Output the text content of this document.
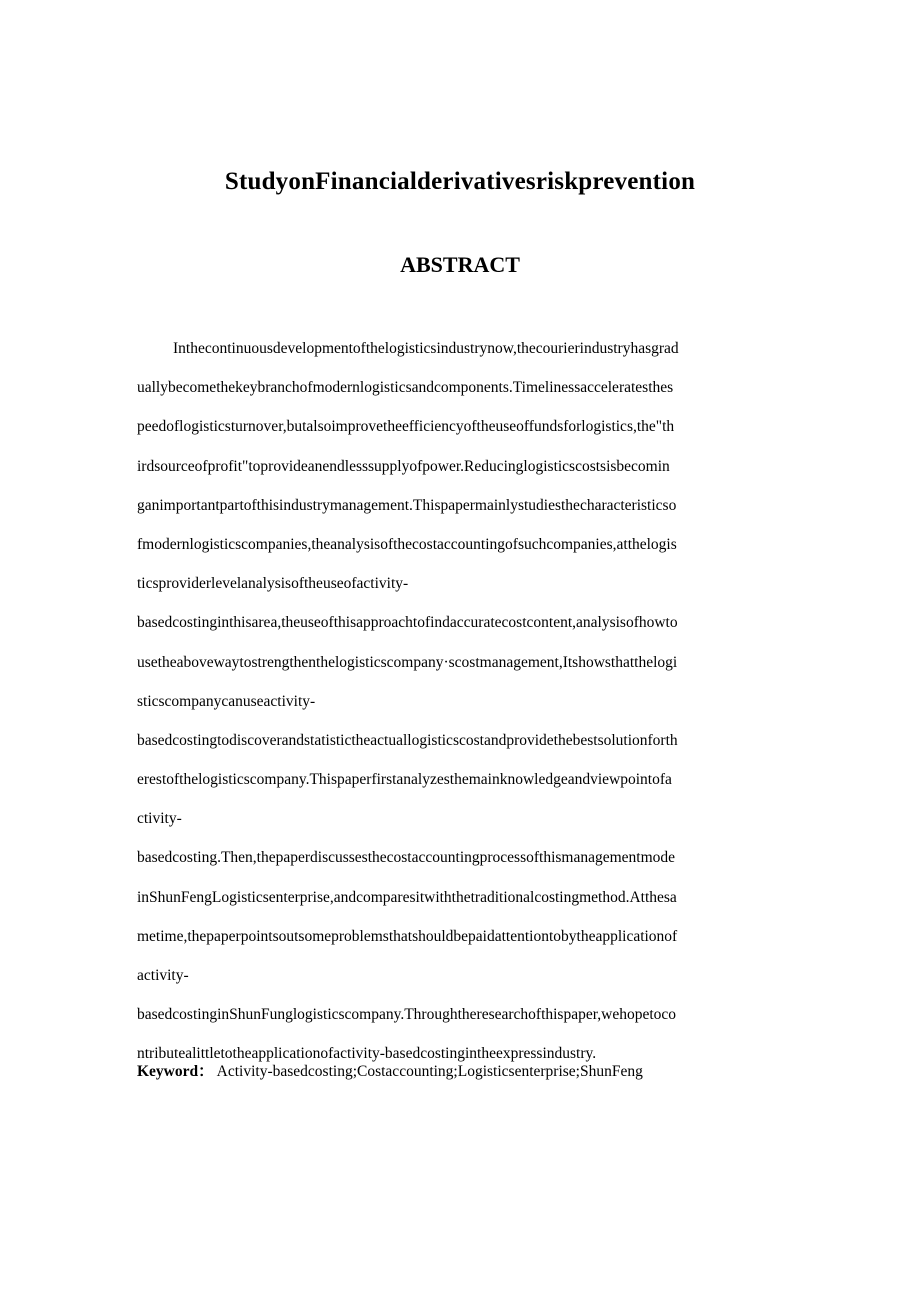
StudyonFinancialderivativesriskprevention
ABSTRACT
Inthecontinuousdevelopmentofthelogisticsindustrynow,thecourierindustryhasgrad
uallybecomethekeybranchofmodernlogisticsandcomponents.Timelinessacceleratesthes
peedoflogisticsturnover,butalsoimprovetheefficiencyoftheuseoffundsforlogistics,the"th
irdsourceofprofit"toprovideanendlesssupplyofpower.Reducinglogisticscostsisbecomin
ganimportantpartofthisindustrymanagement.Thispapermainlystudiesthecharacteristicso
fmodernlogisticscompanies,theanalysisofthecostaccountingofsuchcompanies,atthelogis
ticsproviderlevelanalysisoftheuseofactivity-
basedcostinginthisarea,theuseofthisapproachtofindaccuratecostcontent,analysisofhowto
usetheabovewaytostrengthenthelogisticscompany·scostmanagement,Itshowsthatthelogi
sticscompanycanuseactivity-
basedcostingtodiscoverandstatistictheactuallogisticscostandprovidethebestsolutionforth
erestofthelogisticscompany.Thispaperfirstanalyzesthemainknowledgeandviewpointofa
ctivity-
basedcosting.Then,thepaperdiscussesthecostaccountingprocessofthismanagementmode
inShunFengLogisticsenterprise,andcomparesitwiththetraditionalcostingmethod.Atthesa
metime,thepaperpointsoutsomeproblemsthatshouldbepaidattentiontobytheapplicationof
activity-
basedcostinginShunFunglogisticscompany.Throughtheresearchofthispaper,wehopetoco
ntributealittletotheapplicationofactivity-basedcostingintheexpressindustry.
Keyword： Activity-basedcosting;Costaccounting;Logisticsenterprise;ShunFeng
